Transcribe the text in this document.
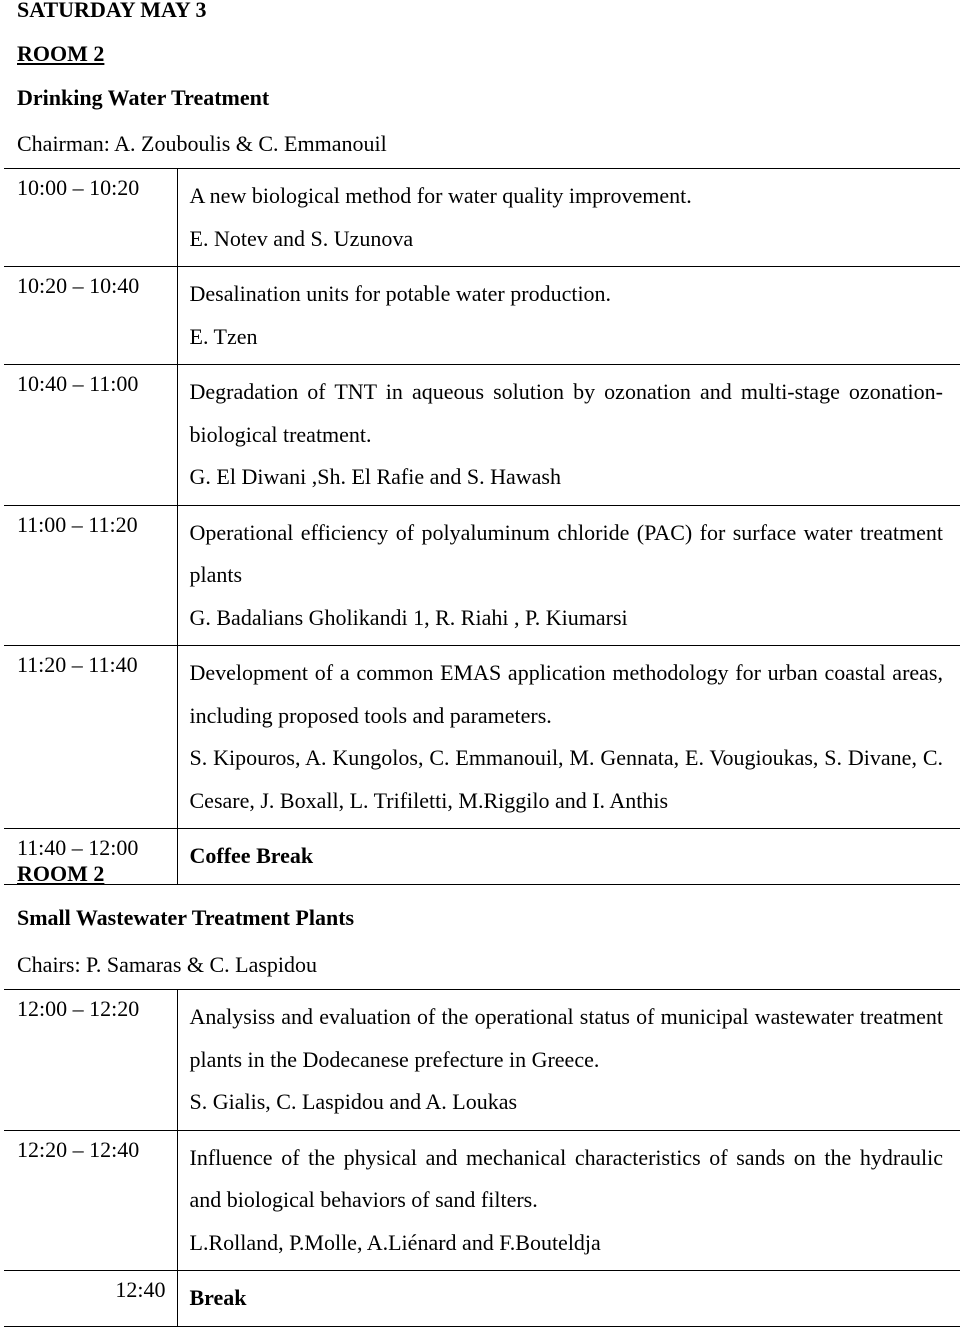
SATURDAY MAY 3
ROOM 2
Drinking Water Treatment
Chairman: A. Zouboulis & C. Emmanouil
10:00 – 10:20	A new biological method for water quality improvement.
E. Notev and S. Uzunova

10:20 – 10:40	Desalination units for potable water production.
E. Tzen

10:40 – 11:00	Degradation of TNT in aqueous solution by ozonation and multi-stage ozonation-biological treatment.
G. El Diwani ,Sh. El Rafie and S. Hawash

11:00 – 11:20	Operational efficiency of polyaluminum chloride (PAC) for surface water treatment plants
G. Badalians Gholikandi 1, R. Riahi , P. Kiumarsi

11:20 – 11:40	Development of a common EMAS application methodology for urban coastal areas, including proposed tools and parameters.
S. Kipouros, A. Kungolos, C. Emmanouil, M. Gennata, E. Vougioukas, S. Divane, C. Cesare, J. Boxall, L. Trifiletti, M.Riggilo and I. Anthis

11:40 – 12:00	Coffee Break
ROOM 2
Small Wastewater Treatment Plants
Chairs: P. Samaras & C. Laspidou
12:00 – 12:20	Analysiss and evaluation of the operational status of municipal wastewater treatment plants in the Dodecanese prefecture in Greece.
S. Gialis, C. Laspidou and A. Loukas

12:20 – 12:40	Influence of the physical and mechanical characteristics of sands on the hydraulic and biological behaviors of sand filters.
L.Rolland, P.Molle, A.Liénard and F.Bouteldja

12:40	Break
